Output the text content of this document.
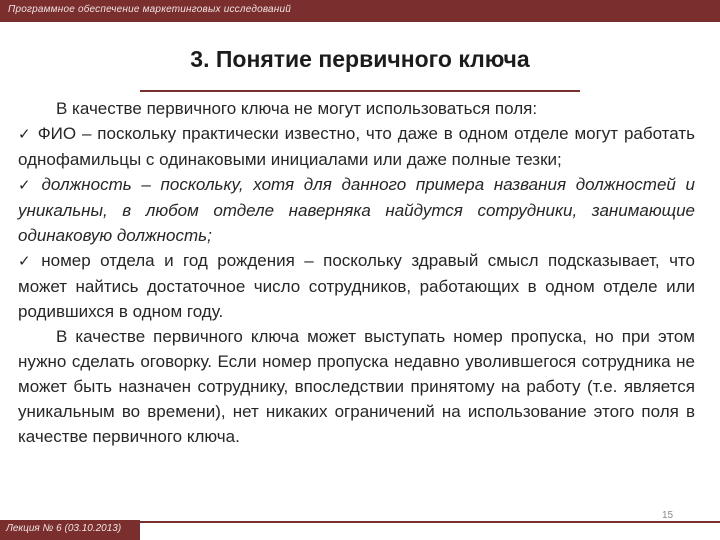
Программное обеспечение маркетинговых исследований
3. Понятие первичного ключа

В качестве первичного ключа не могут использоваться поля:

✓ ФИО – поскольку практически известно, что даже в одном отделе могут работать однофамильцы с одинаковыми инициалами или даже полные тезки;

✓ должность – поскольку, хотя для данного примера названия должностей и уникальны, в любом отделе наверняка найдутся сотрудники, занимающие одинаковую должность;

✓ номер отдела и год рождения – поскольку здравый смысл подсказывает, что может найтись достаточное число сотрудников, работающих в одном отделе или родившихся в одном году.

В качестве первичного ключа может выступать номер пропуска, но при этом нужно сделать оговорку. Если номер пропуска недавно уволившегося сотрудника не может быть назначен сотруднику, впоследствии принятому на работу (т.е. является уникальным во времени), нет никаких ограничений на использование этого поля в качестве первичного ключа.

15
Лекция № 6 (03.10.2013)
